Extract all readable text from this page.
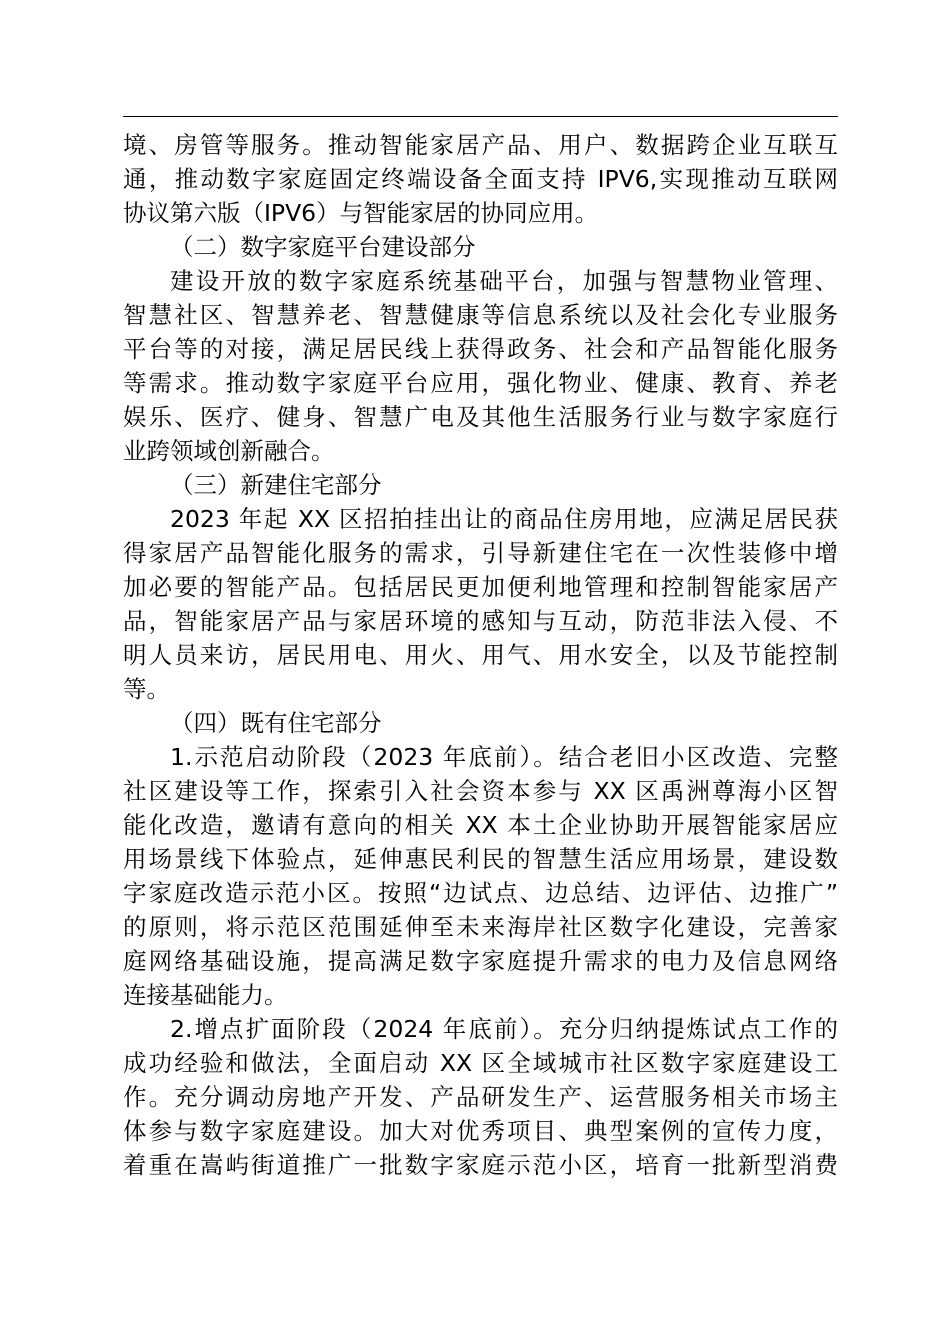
境、房管等服务。推动智能家居产品、用户、数据跨企业互联互
通，推动数字家庭固定终端设备全面支持 IPV6,实现推动互联网
协议第六版（IPV6）与智能家居的协同应用。
（二）数字家庭平台建设部分
建设开放的数字家庭系统基础平台，加强与智慧物业管理、
智慧社区、智慧养老、智慧健康等信息系统以及社会化专业服务
平台等的对接，满足居民线上获得政务、社会和产品智能化服务
等需求。推动数字家庭平台应用，强化物业、健康、教育、养老
娱乐、医疗、健身、智慧广电及其他生活服务行业与数字家庭行
业跨领域创新融合。
（三）新建住宅部分
2023 年起 XX 区招拍挂出让的商品住房用地，应满足居民获
得家居产品智能化服务的需求，引导新建住宅在一次性装修中增
加必要的智能产品。包括居民更加便利地管理和控制智能家居产
品，智能家居产品与家居环境的感知与互动，防范非法入侵、不
明人员来访，居民用电、用火、用气、用水安全，以及节能控制
等。
（四）既有住宅部分
1.示范启动阶段（2023 年底前）。结合老旧小区改造、完整
社区建设等工作，探索引入社会资本参与 XX 区禹洲尊海小区智
能化改造，邀请有意向的相关 XX 本土企业协助开展智能家居应
用场景线下体验点，延伸惠民利民的智慧生活应用场景，建设数
字家庭改造示范小区。按照“边试点、边总结、边评估、边推广”
的原则，将示范区范围延伸至未来海岸社区数字化建设，完善家
庭网络基础设施，提高满足数字家庭提升需求的电力及信息网络
连接基础能力。
2.增点扩面阶段（2024 年底前）。充分归纳提炼试点工作的
成功经验和做法，全面启动 XX 区全域城市社区数字家庭建设工
作。充分调动房地产开发、产品研发生产、运营服务相关市场主
体参与数字家庭建设。加大对优秀项目、典型案例的宣传力度，
着重在嵩屿街道推广一批数字家庭示范小区，培育一批新型消费
